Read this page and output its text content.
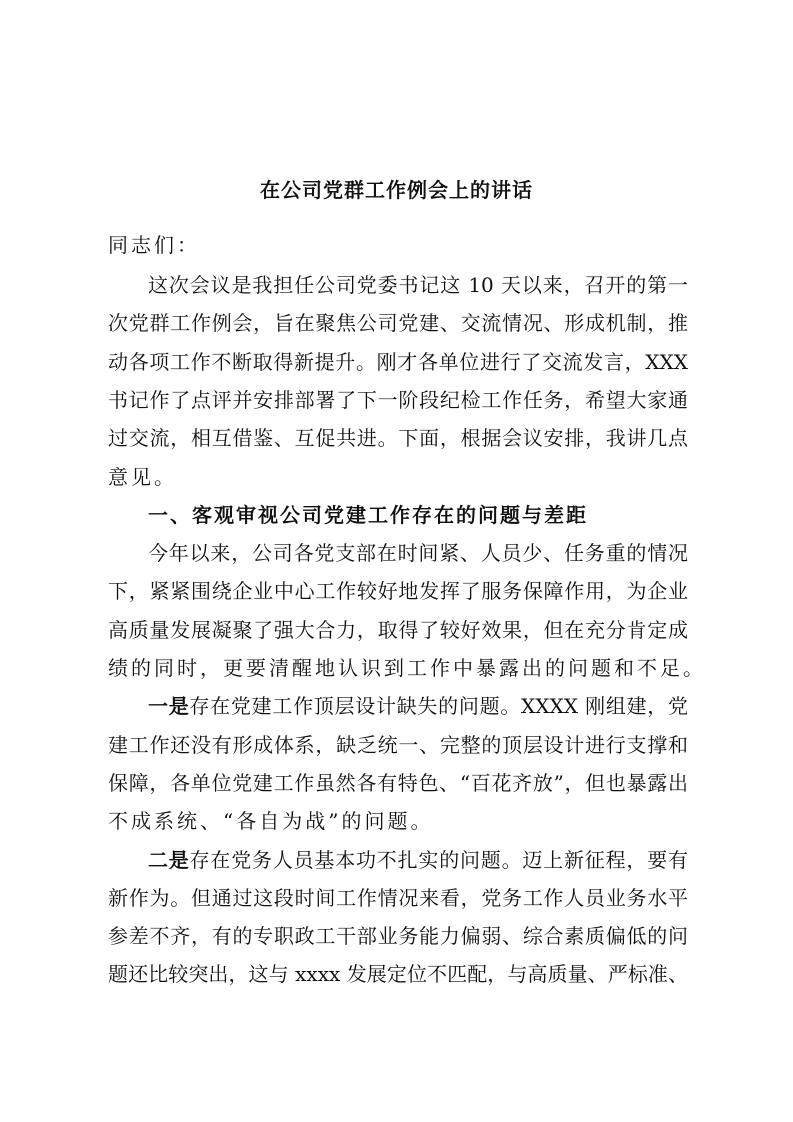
在公司党群工作例会上的讲话
同志们：
这次会议是我担任公司党委书记这 10 天以来，召开的第一
次党群工作例会，旨在聚焦公司党建、交流情况、形成机制，推
动各项工作不断取得新提升。刚才各单位进行了交流发言，XXX
书记作了点评并安排部署了下一阶段纪检工作任务，希望大家通
过交流，相互借鉴、互促共进。下面，根据会议安排，我讲几点
意见。
一、客观审视公司党建工作存在的问题与差距
今年以来，公司各党支部在时间紧、人员少、任务重的情况
下，紧紧围绕企业中心工作较好地发挥了服务保障作用，为企业
高质量发展凝聚了强大合力，取得了较好效果，但在充分肯定成
绩的同时，更要清醒地认识到工作中暴露出的问题和不足。
一是存在党建工作顶层设计缺失的问题。XXXX 刚组建，党
建工作还没有形成体系，缺乏统一、完整的顶层设计进行支撑和
保障，各单位党建工作虽然各有特色、“百花齐放”，但也暴露出
不成系统、“各自为战”的问题。
二是存在党务人员基本功不扎实的问题。迈上新征程，要有
新作为。但通过这段时间工作情况来看，党务工作人员业务水平
参差不齐，有的专职政工干部业务能力偏弱、综合素质偏低的问
题还比较突出，这与 xxxx 发展定位不匹配，与高质量、严标准、
